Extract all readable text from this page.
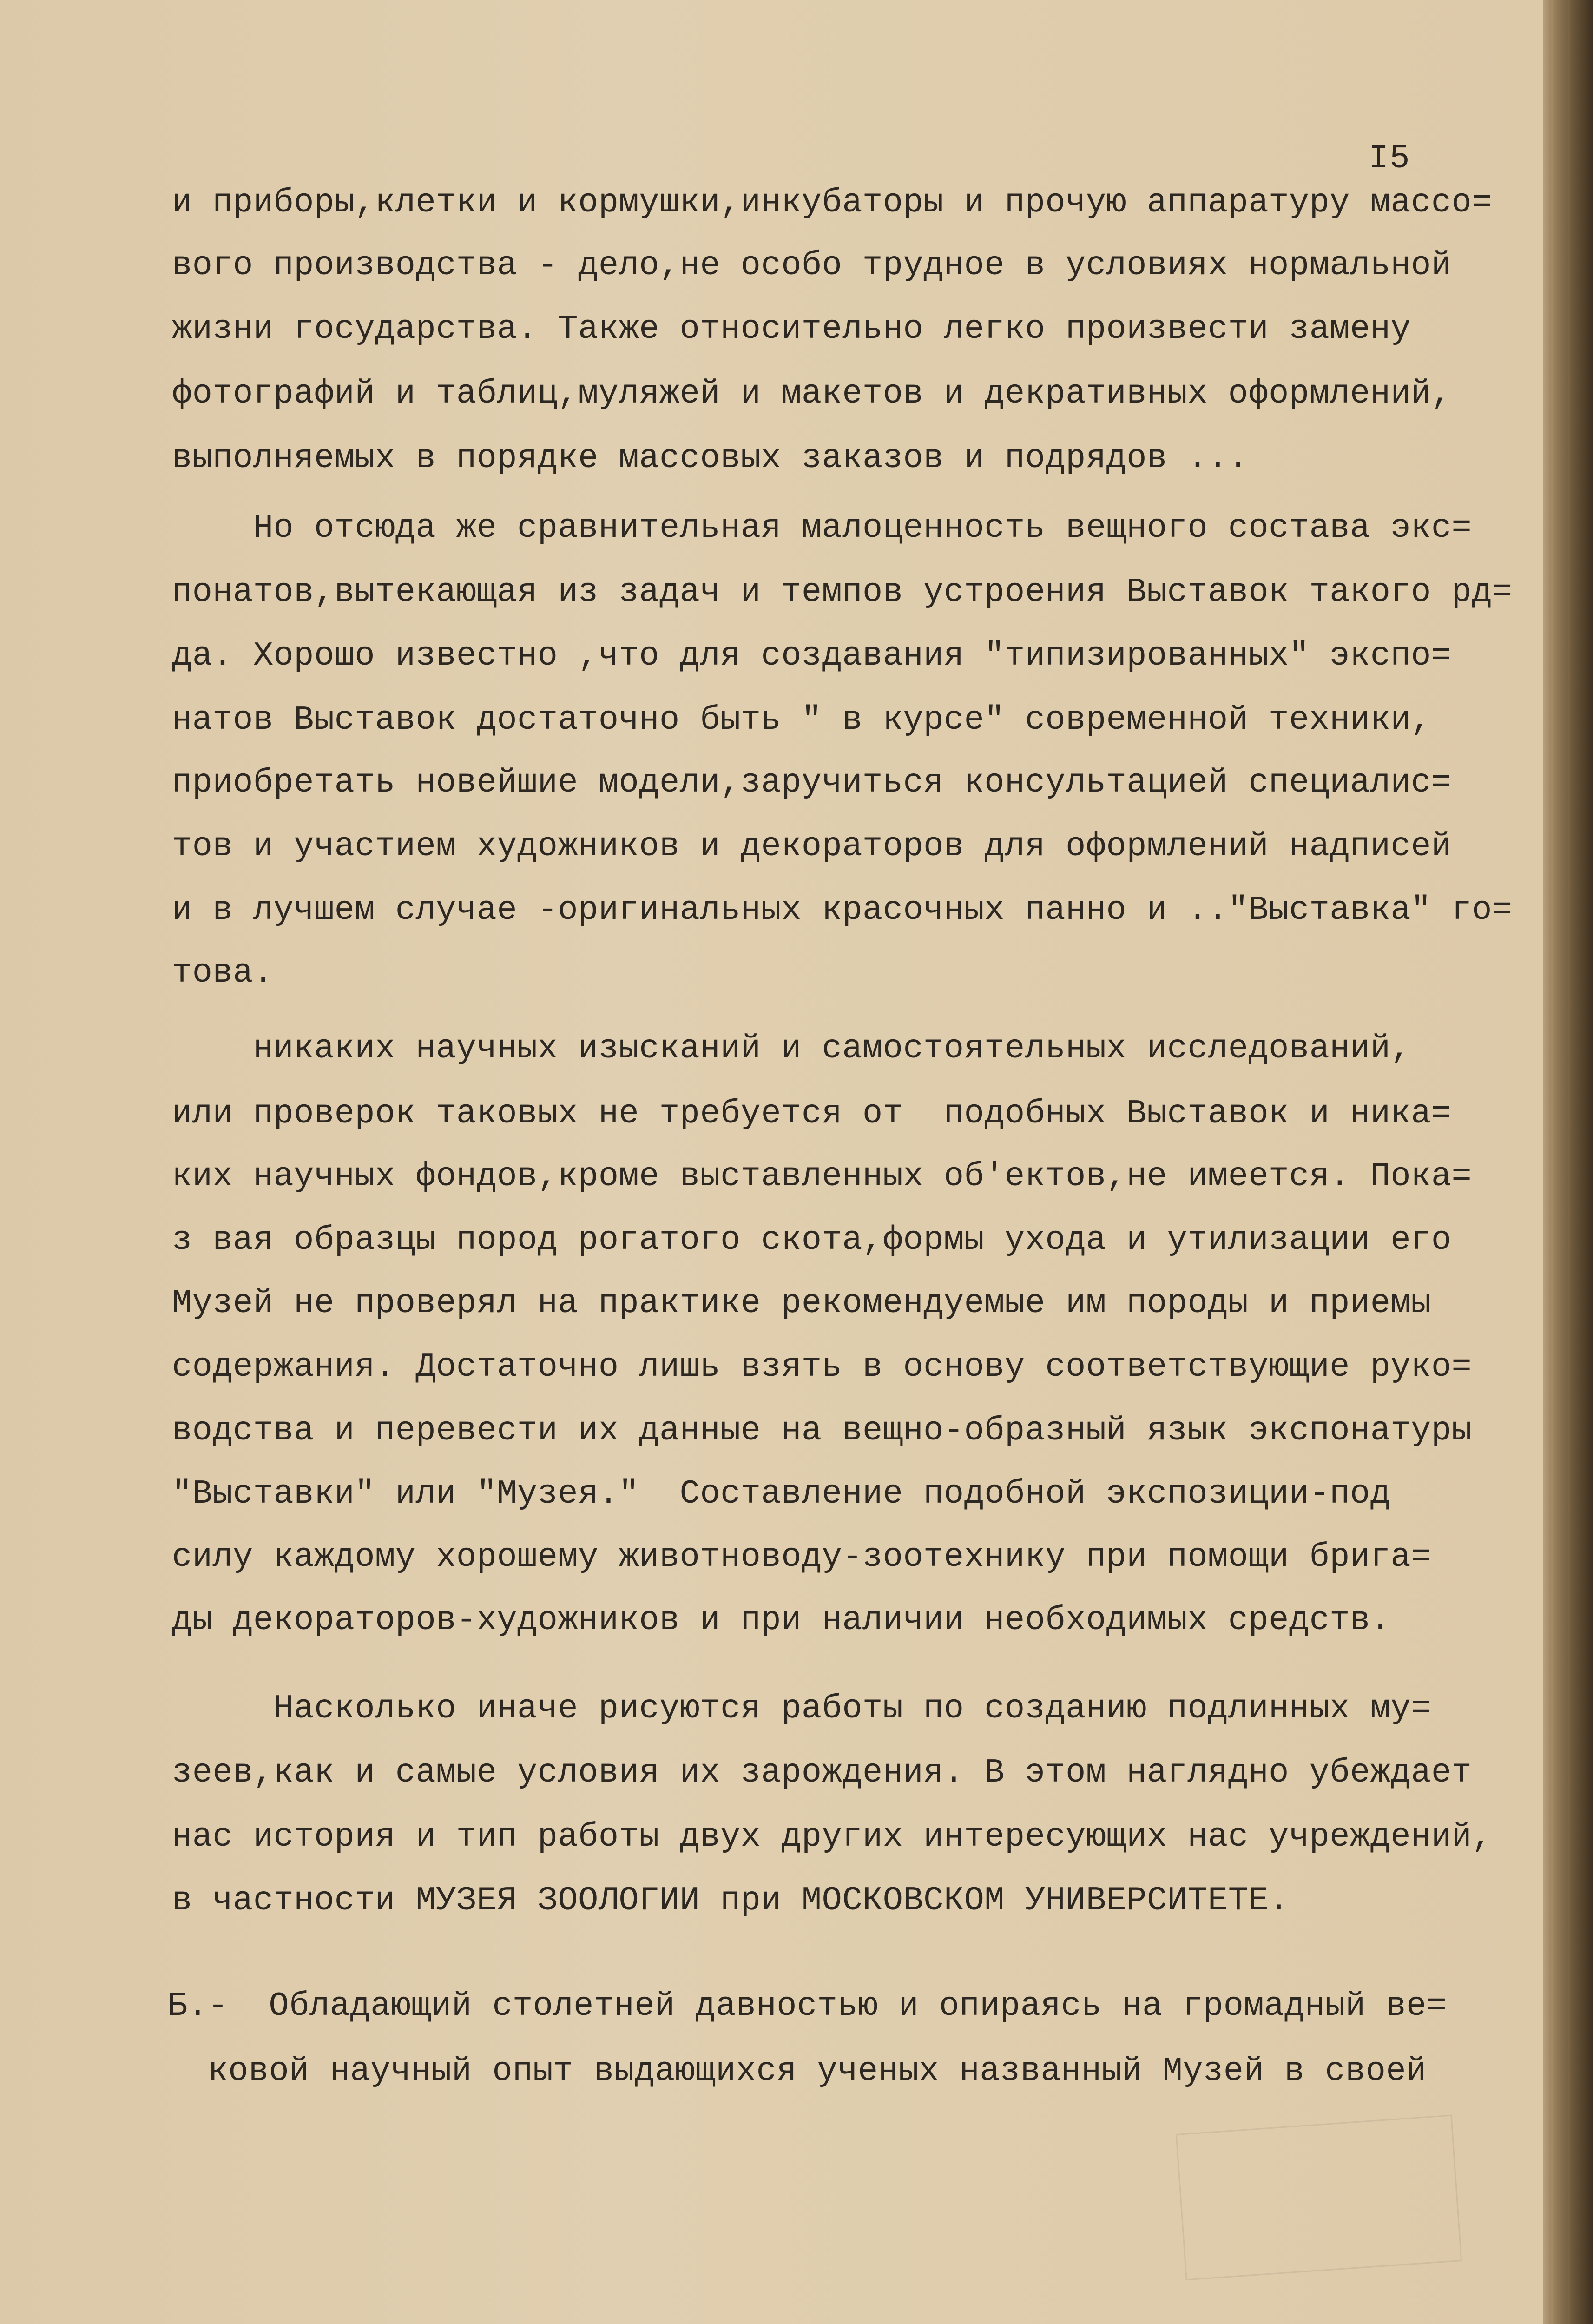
I5
и приборы,клетки и кормушки,инкубаторы и прочую аппаратуру массо=
вого производства - дело,не особо трудное в условиях нормальной
жизни государства. Также относительно легко произвести замену
фотографий и таблиц,муляжей и макетов и декративных оформлений,
выполняемых в порядке массовых заказов и подрядов ...
Но отсюда же сравнительная малоценность вещного состава экс=
понатов,вытекающая из задач и темпов устроения Выставок такого рд=
да. Хорошо известно ,что для создавания "типизированных" экспо=
натов Выставок достаточно быть " в курсе" современной техники,
приобретать новейшие модели,заручиться консультацией специалис=
тов и участием художников и декораторов для оформлений надписей
и в лучшем случае -оригинальных красочных панно и .."Выставка" го=
това.
никаких научных изысканий и самостоятельных исследований,
или проверок таковых не требуется от  подобных Выставок и ника=
ких научных фондов,кроме выставленных об'ектов,не имеется. Пока=
з вая образцы пород рогатого скота,формы ухода и утилизации его
Музей не проверял на практике рекомендуемые им породы и приемы
содержания. Достаточно лишь взять в основу соответствующие руко=
водства и перевести их данные на вещно-образный язык экспонатуры
"Выставки" или "Музея."  Составление подобной экспозиции-под
силу каждому хорошему животноводу-зоотехнику при помощи брига=
ды декораторов-художников и при наличии необходимых средств.
Насколько иначе рисуются работы по созданию подлинных му=
зеев,как и самые условия их зарождения. В этом наглядно убеждает
нас история и тип работы двух других интересующих нас учреждений,
в частности МУЗЕЯ ЗООЛОГИИ при МОСКОВСКОМ УНИВЕРСИТЕТЕ.
Б.-  Обладающий столетней давностью и опираясь на громадный ве=
ковой научный опыт выдающихся ученых названный Музей в своей
